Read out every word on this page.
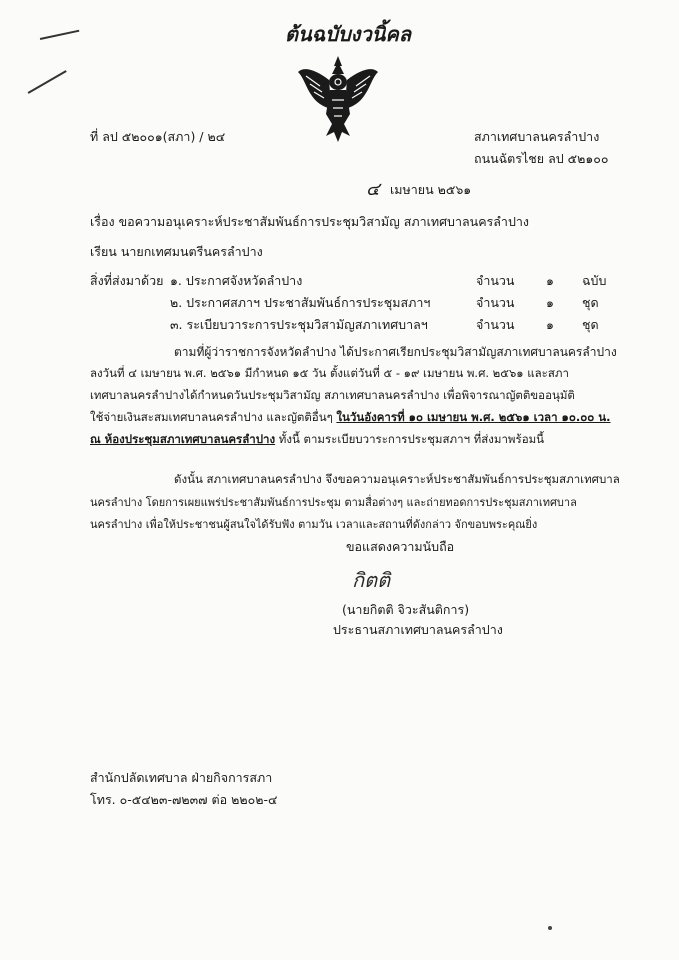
ต้นฉบับงวนิ้คล
ที่ ลป ๕๒๐๐๑(สภา) / ๒๔	สภาเทศบาลนครลำปาง
ถนนฉัตรไชย ลป ๕๒๑๐๐
๔ เมษายน ๒๕๖๑
เรื่อง ขอความอนุเคราะห์ประชาสัมพันธ์การประชุมวิสามัญ สภาเทศบาลนครลำปาง
เรียน นายกเทศมนตรีนครลำปาง
สิ่งที่ส่งมาด้วย ๑. ประกาศจังหวัดลำปาง	จำนวน	๑ ฉบับ
๒. ประกาศสภาฯ ประชาสัมพันธ์การประชุมสภาฯ	จำนวน	๑ ชุด
๓. ระเบียบวาระการประชุมวิสามัญสภาเทศบาลฯ	จำนวน	๑ ชุด
ตามที่ผู้ว่าราชการจังหวัดลำปาง ได้ประกาศเรียกประชุมวิสามัญสภาเทศบาลนครลำปาง
ลงวันที่ ๔ เมษายน พ.ศ. ๒๕๖๑ มีกำหนด ๑๕ วัน ตั้งแต่วันที่ ๕ - ๑๙ เมษายน พ.ศ. ๒๕๖๑ และสภา
เทศบาลนครลำปางได้กำหนดวันประชุมวิสามัญ สภาเทศบาลนครลำปาง เพื่อพิจารณาญัตติขออนุมัติ
ใช้จ่ายเงินสะสมเทศบาลนครลำปาง และญัตติอื่นๆ ในวันอังคารที่ ๑๐ เมษายน พ.ศ. ๒๕๖๑ เวลา ๑๐.๐๐ น.
ณ ห้องประชุมสภาเทศบาลนครลำปาง ทั้งนี้ ตามระเบียบวาระการประชุมสภาฯ ที่ส่งมาพร้อมนี้
ดังนั้น สภาเทศบาลนครลำปาง จึงขอความอนุเคราะห์ประชาสัมพันธ์การประชุมสภาเทศบาล
นครลำปาง โดยการเผยแพร่ประชาสัมพันธ์การประชุม ตามสื่อต่างๆ และถ่ายทอดการประชุมสภาเทศบาล
นครลำปาง เพื่อให้ประชาชนผู้สนใจได้รับฟัง ตามวัน เวลาและสถานที่ดังกล่าว จักขอบพระคุณยิ่ง
ขอแสดงความนับถือ
กิตติ
(นายกิตติ จิวะสันติการ)
ประธานสภาเทศบาลนครลำปาง
สำนักปลัดเทศบาล ฝ่ายกิจการสภา
โทร. ๐-๕๔๒๓-๗๒๓๗ ต่อ ๒๒๐๒-๔
